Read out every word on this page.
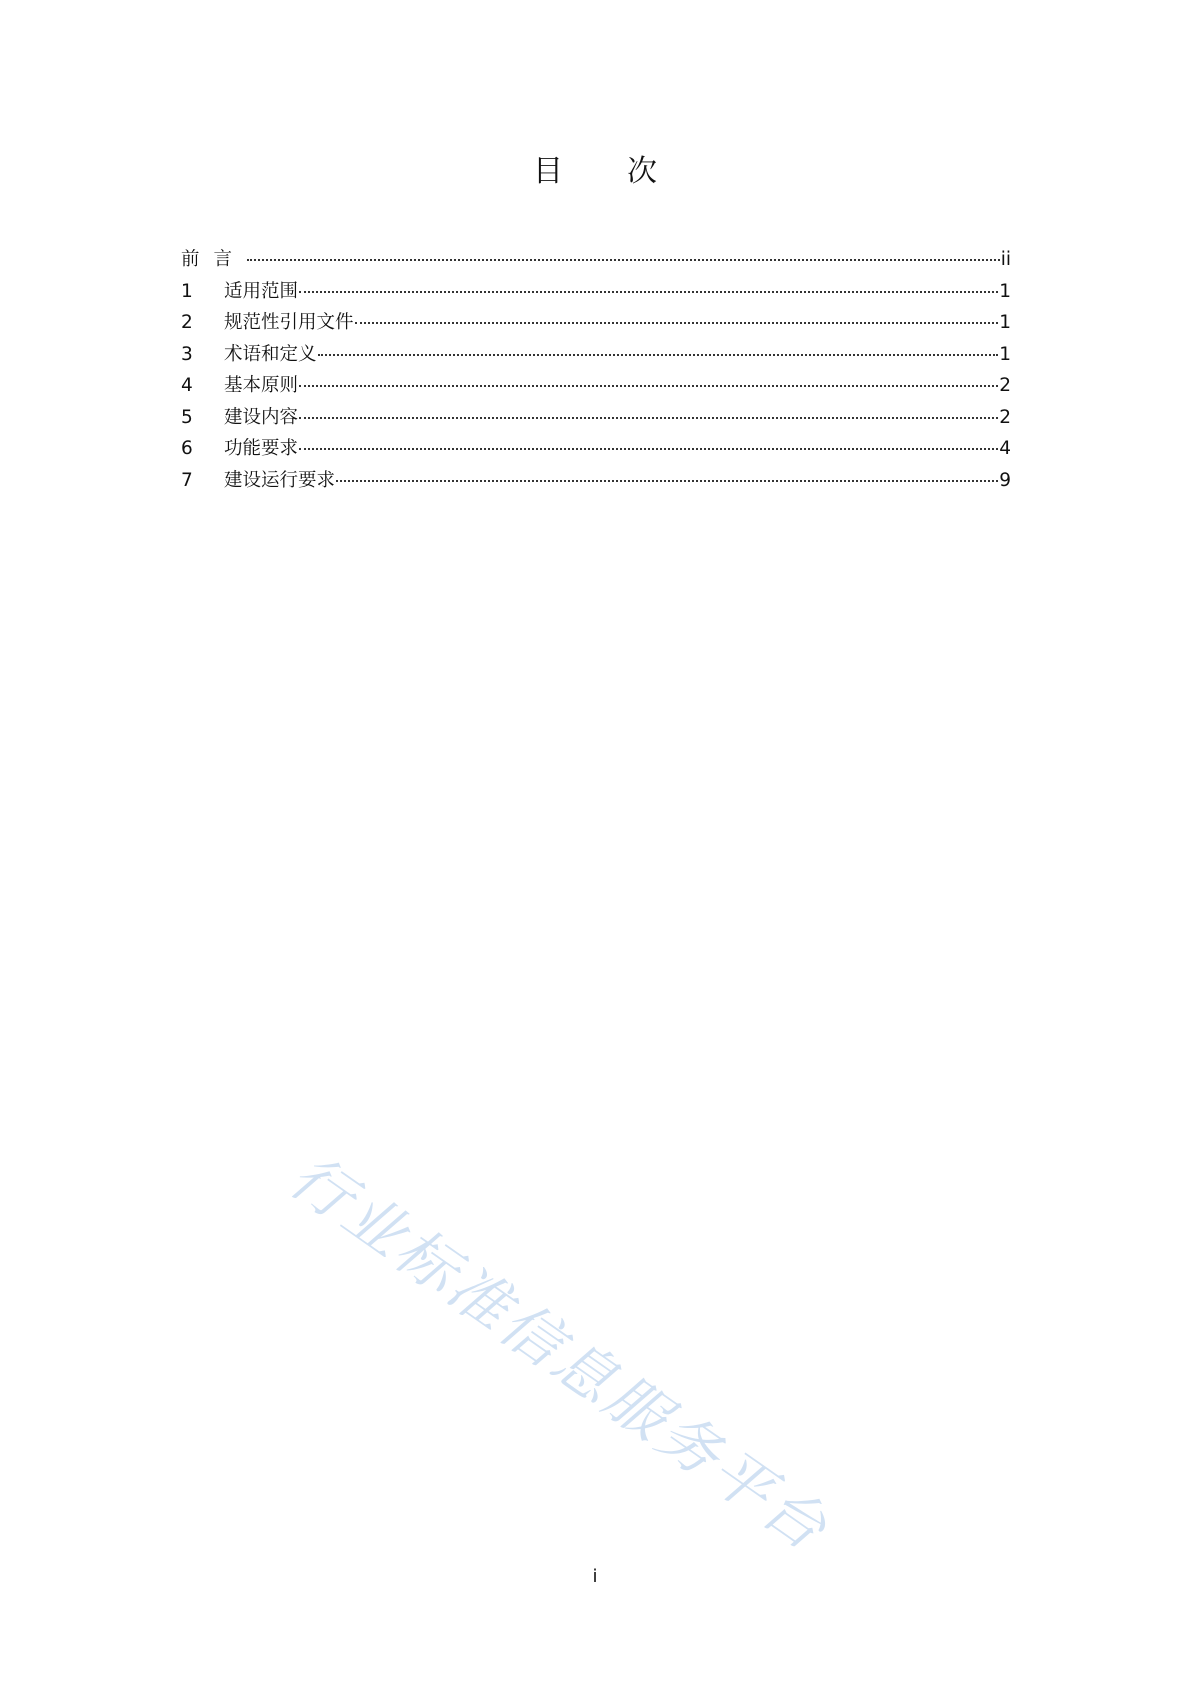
目次
前言	ii
1	适用范围	1
2	规范性引用文件	1
3	术语和定义	1
4	基本原则	2
5	建设内容	2
6	功能要求	4
7	建设运行要求	9
行业标准信息服务平台
i
